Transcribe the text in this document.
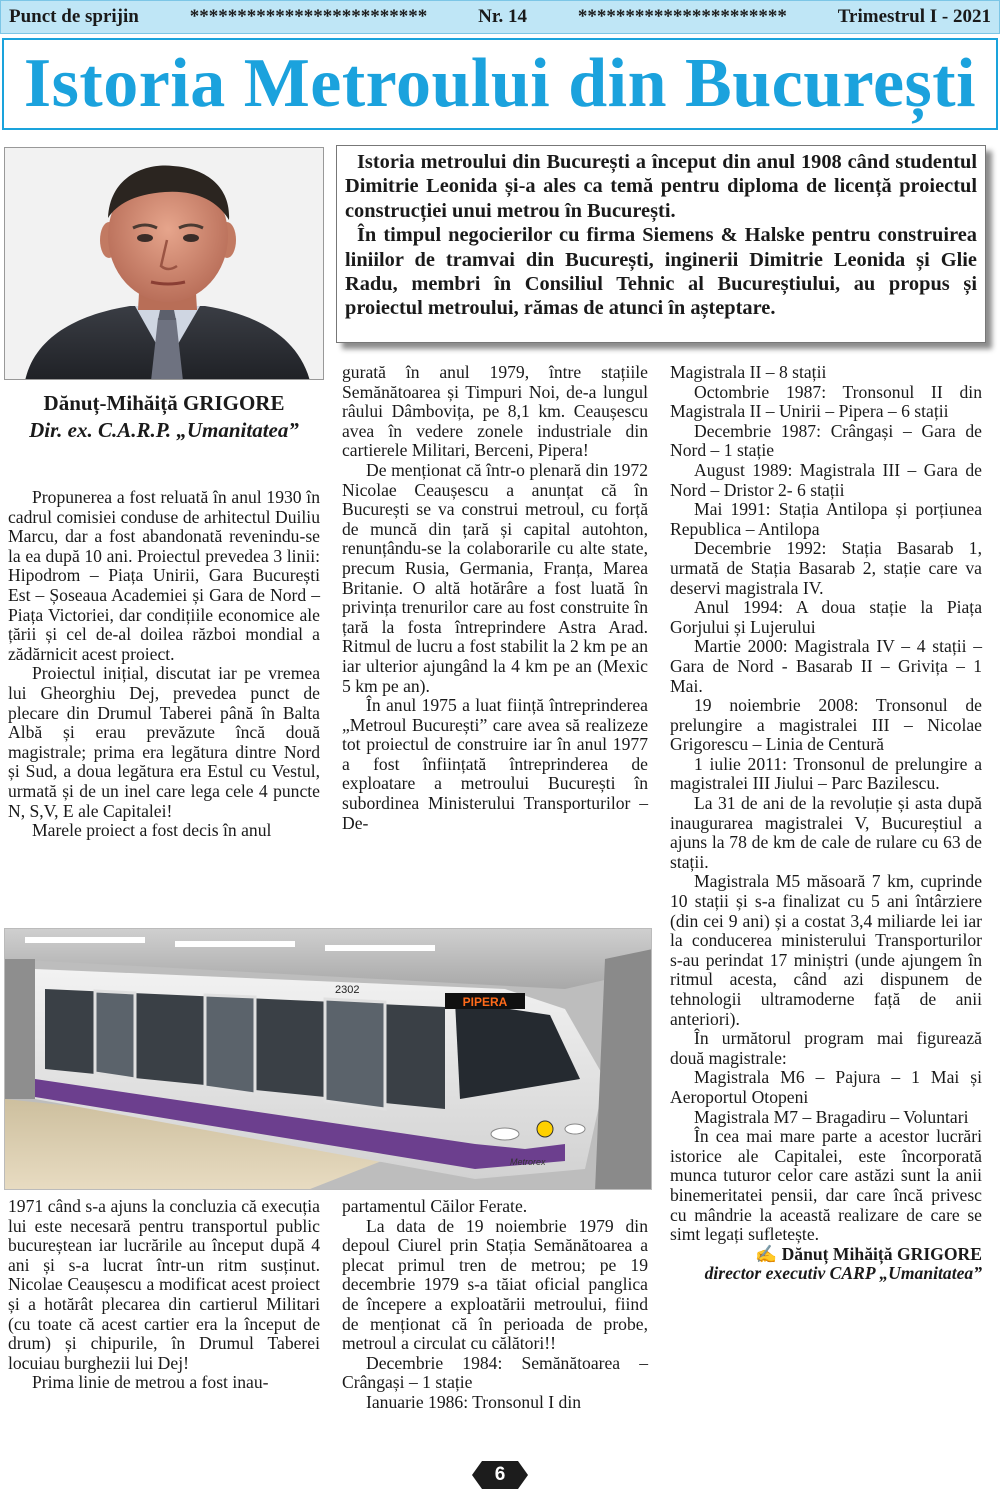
Punct de sprijin	*************************	Nr. 14	**********************	Trimestrul I - 2021
Istoria Metroului din București
Dănuț-Mihăiță GRIGORE
Dir. ex. C.A.R.P. „Umanitatea”

Istoria metroului din București a început din anul 1908 când studentul Dimitrie Leonida și-a ales ca temă pentru diploma de licență proiectul construcției unui metrou în București.

În timpul negocierilor cu firma Siemens & Halske pentru construirea liniilor de tramvai din București, inginerii Dimitrie Leonida și Glie Radu, membri în Consiliul Tehnic al Bucureștiului, au propus și proiectul metroului, rămas de atunci în așteptare.

Propunerea a fost reluată în anul 1930 în cadrul comisiei conduse de arhitectul Duiliu Marcu, dar a fost abandonată revenindu-se la ea după 10 ani. Proiectul prevedea 3 linii: Hipodrom – Piața Unirii, Gara București Est – Șoseaua Academiei și Gara de Nord – Piața Victoriei, dar condițiile economice ale țării și cel de-al doilea război mondial a zădărnicit acest proiect.

Proiectul inițial, discutat iar pe vremea lui Gheorghiu Dej, prevedea punct de plecare din Drumul Taberei până în Balta Albă și erau prevăzute încă două magistrale; prima era legătura dintre Nord și Sud, a doua legătura era Estul cu Vestul, urmată și de un inel care lega cele 4 puncte N, S,V, E ale Capitalei!

Marele proiect a fost decis în anul

gurată în anul 1979, între stațiile Semănătoarea și Timpuri Noi, de-a lungul râului Dâmbovița, pe 8,1 km. Ceaușescu avea în vedere zonele industriale din cartierele Militari, Berceni, Pipera!

De menționat că într-o plenară din 1972 Nicolae Ceaușescu a anunțat că în București se va construi metroul, cu forță de muncă din țară și capital autohton, renunțându-se la colaborarile cu alte state, precum Rusia, Germania, Franța, Marea Britanie. O altă hotărâre a fost luată în privința trenurilor care au fost construite în țară la fosta întreprindere Astra Arad. Ritmul de lucru a fost stabilit la 2 km pe an iar ulterior ajungând la 4 km pe an (Mexic 5 km pe an).

În anul 1975 a luat ființă întreprinderea „Metroul București” care avea să realizeze tot proiectul de construire iar în anul 1977 a fost înființată întreprinderea de exploatare a metroului București în subordinea Ministerului Transporturilor – De-

PIPERA
2302
Metrorex

1971 când s-a ajuns la concluzia că execuția lui este necesară pentru transportul public bucureștean iar lucrările au început după 4 ani și s-a lucrat într-un ritm susținut. Nicolae Ceaușescu a modificat acest proiect și a hotărât plecarea din cartierul Militari (cu toate că acest cartier era la început de drum) și chipurile, în Drumul Taberei locuiau burghezii lui Dej!

Prima linie de metrou a fost inau-

partamentul Căilor Ferate.

La data de 19 noiembrie 1979 din depoul Ciurel prin Stația Semănătoarea a plecat primul tren de metrou; pe 19 decembrie 1979 s-a tăiat oficial panglica de începere a exploatării metroului, fiind de menționat că în perioada de probe, metroul a circulat cu călători!!

Decembrie 1984: Semănătoarea – Crângași – 1 stație

Ianuarie 1986: Tronsonul I din

Magistrala II – 8 stații

Octombrie 1987: Tronsonul II din Magistrala II – Unirii – Pipera – 6 stații

Decembrie 1987: Crângași – Gara de Nord – 1 stație

August 1989: Magistrala III – Gara de Nord – Dristor 2- 6 stații

Mai 1991: Stația Antilopa și porțiunea Republica – Antilopa

Decembrie 1992: Stația Basarab 1, urmată de Stația Basarab 2, stație care va deservi magistrala IV.

Anul 1994: A doua stație la Piața Gorjului și Lujerului

Martie 2000: Magistrala IV – 4 stații – Gara de Nord - Basarab II – Grivița – 1 Mai.

19 noiembrie 2008: Tronsonul de prelungire a magistralei III – Nicolae Grigorescu – Linia de Centură

1 iulie 2011: Tronsonul de prelungire a magistralei III Jiului – Parc Bazilescu.

La 31 de ani de la revoluție și asta după inaugurarea magistralei V, Bucureștiul a ajuns la 78 de km de cale de rulare cu 63 de stații.

Magistrala M5 măsoară 7 km, cuprinde 10 stații și s-a finalizat cu 5 ani întârziere (din cei 9 ani) și a costat 3,4 miliarde lei iar la conducerea ministerului Transporturilor s-au perindat 17 miniștri (unde ajungem în ritmul acesta, când azi dispunem de tehnologii ultramoderne față de anii anteriori).

În următorul program mai figurează două magistrale:

Magistrala M6 – Pajura – 1 Mai și Aeroportul Otopeni

Magistrala M7 – Bragadiru – Voluntari

În cea mai mare parte a acestor lucrări istorice ale Capitalei, este încorporată munca tuturor celor care astăzi sunt la anii binemeritatei pensii, dar care încă privesc cu mândrie la această realizare de care se simt legați sufletește.

✍ Dănuț Mihăiță GRIGORE

director executiv CARP „Umanitatea”

6
